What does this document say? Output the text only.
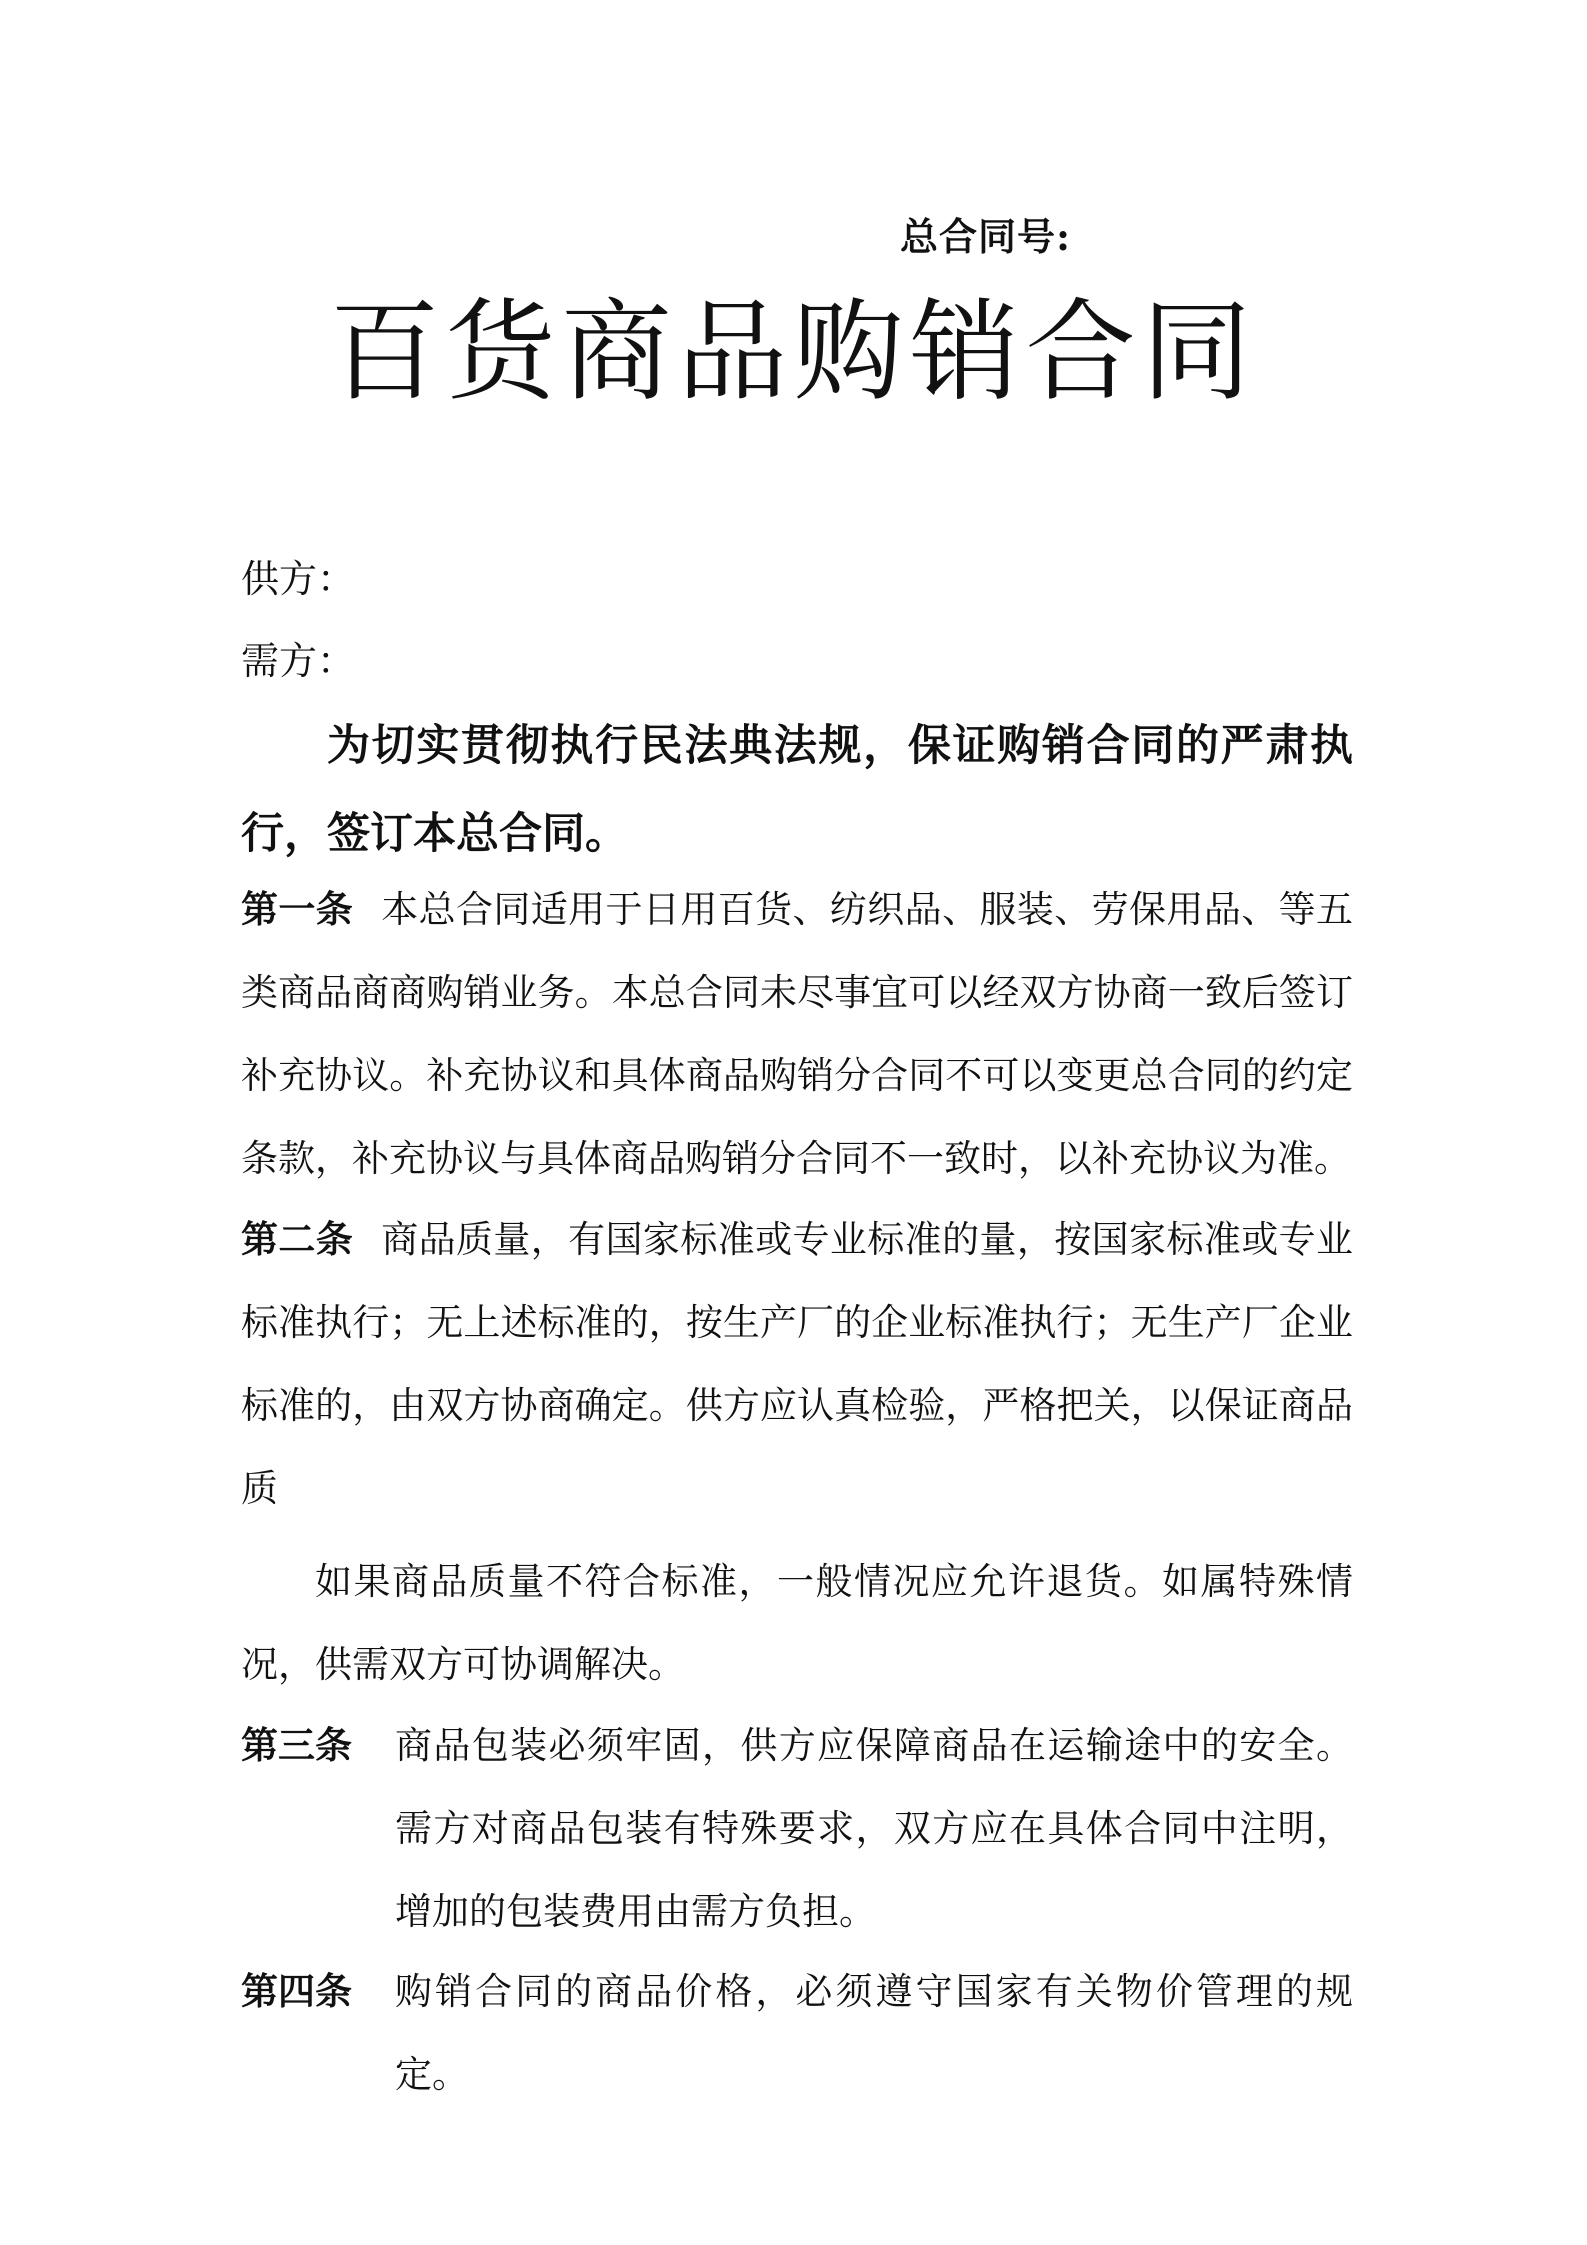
总合同号:
百货商品购销合同
供方：
需方：
为切实贯彻执行民法典法规，保证购销合同的严肃执行，签订本总合同。
第一条 本总合同适用于日用百货、纺织品、服装、劳保用品、等五类商品商商购销业务。本总合同未尽事宜可以经双方协商一致后签订补充协议。补充协议和具体商品购销分合同不可以变更总合同的约定条款，补充协议与具体商品购销分合同不一致时，以补充协议为准。
第二条 商品质量，有国家标准或专业标准的量，按国家标准或专业标准执行；无上述标准的，按生产厂的企业标准执行；无生产厂企业标准的，由双方协商确定。供方应认真检验，严格把关，以保证商品质
如果商品质量不符合标准，一般情况应允许退货。如属特殊情况，供需双方可协调解决。
第三条 商品包装必须牢固，供方应保障商品在运输途中的安全。需方对商品包装有特殊要求，双方应在具体合同中注明，增加的包装费用由需方负担。
第四条 购销合同的商品价格，必须遵守国家有关物价管理的规定。
